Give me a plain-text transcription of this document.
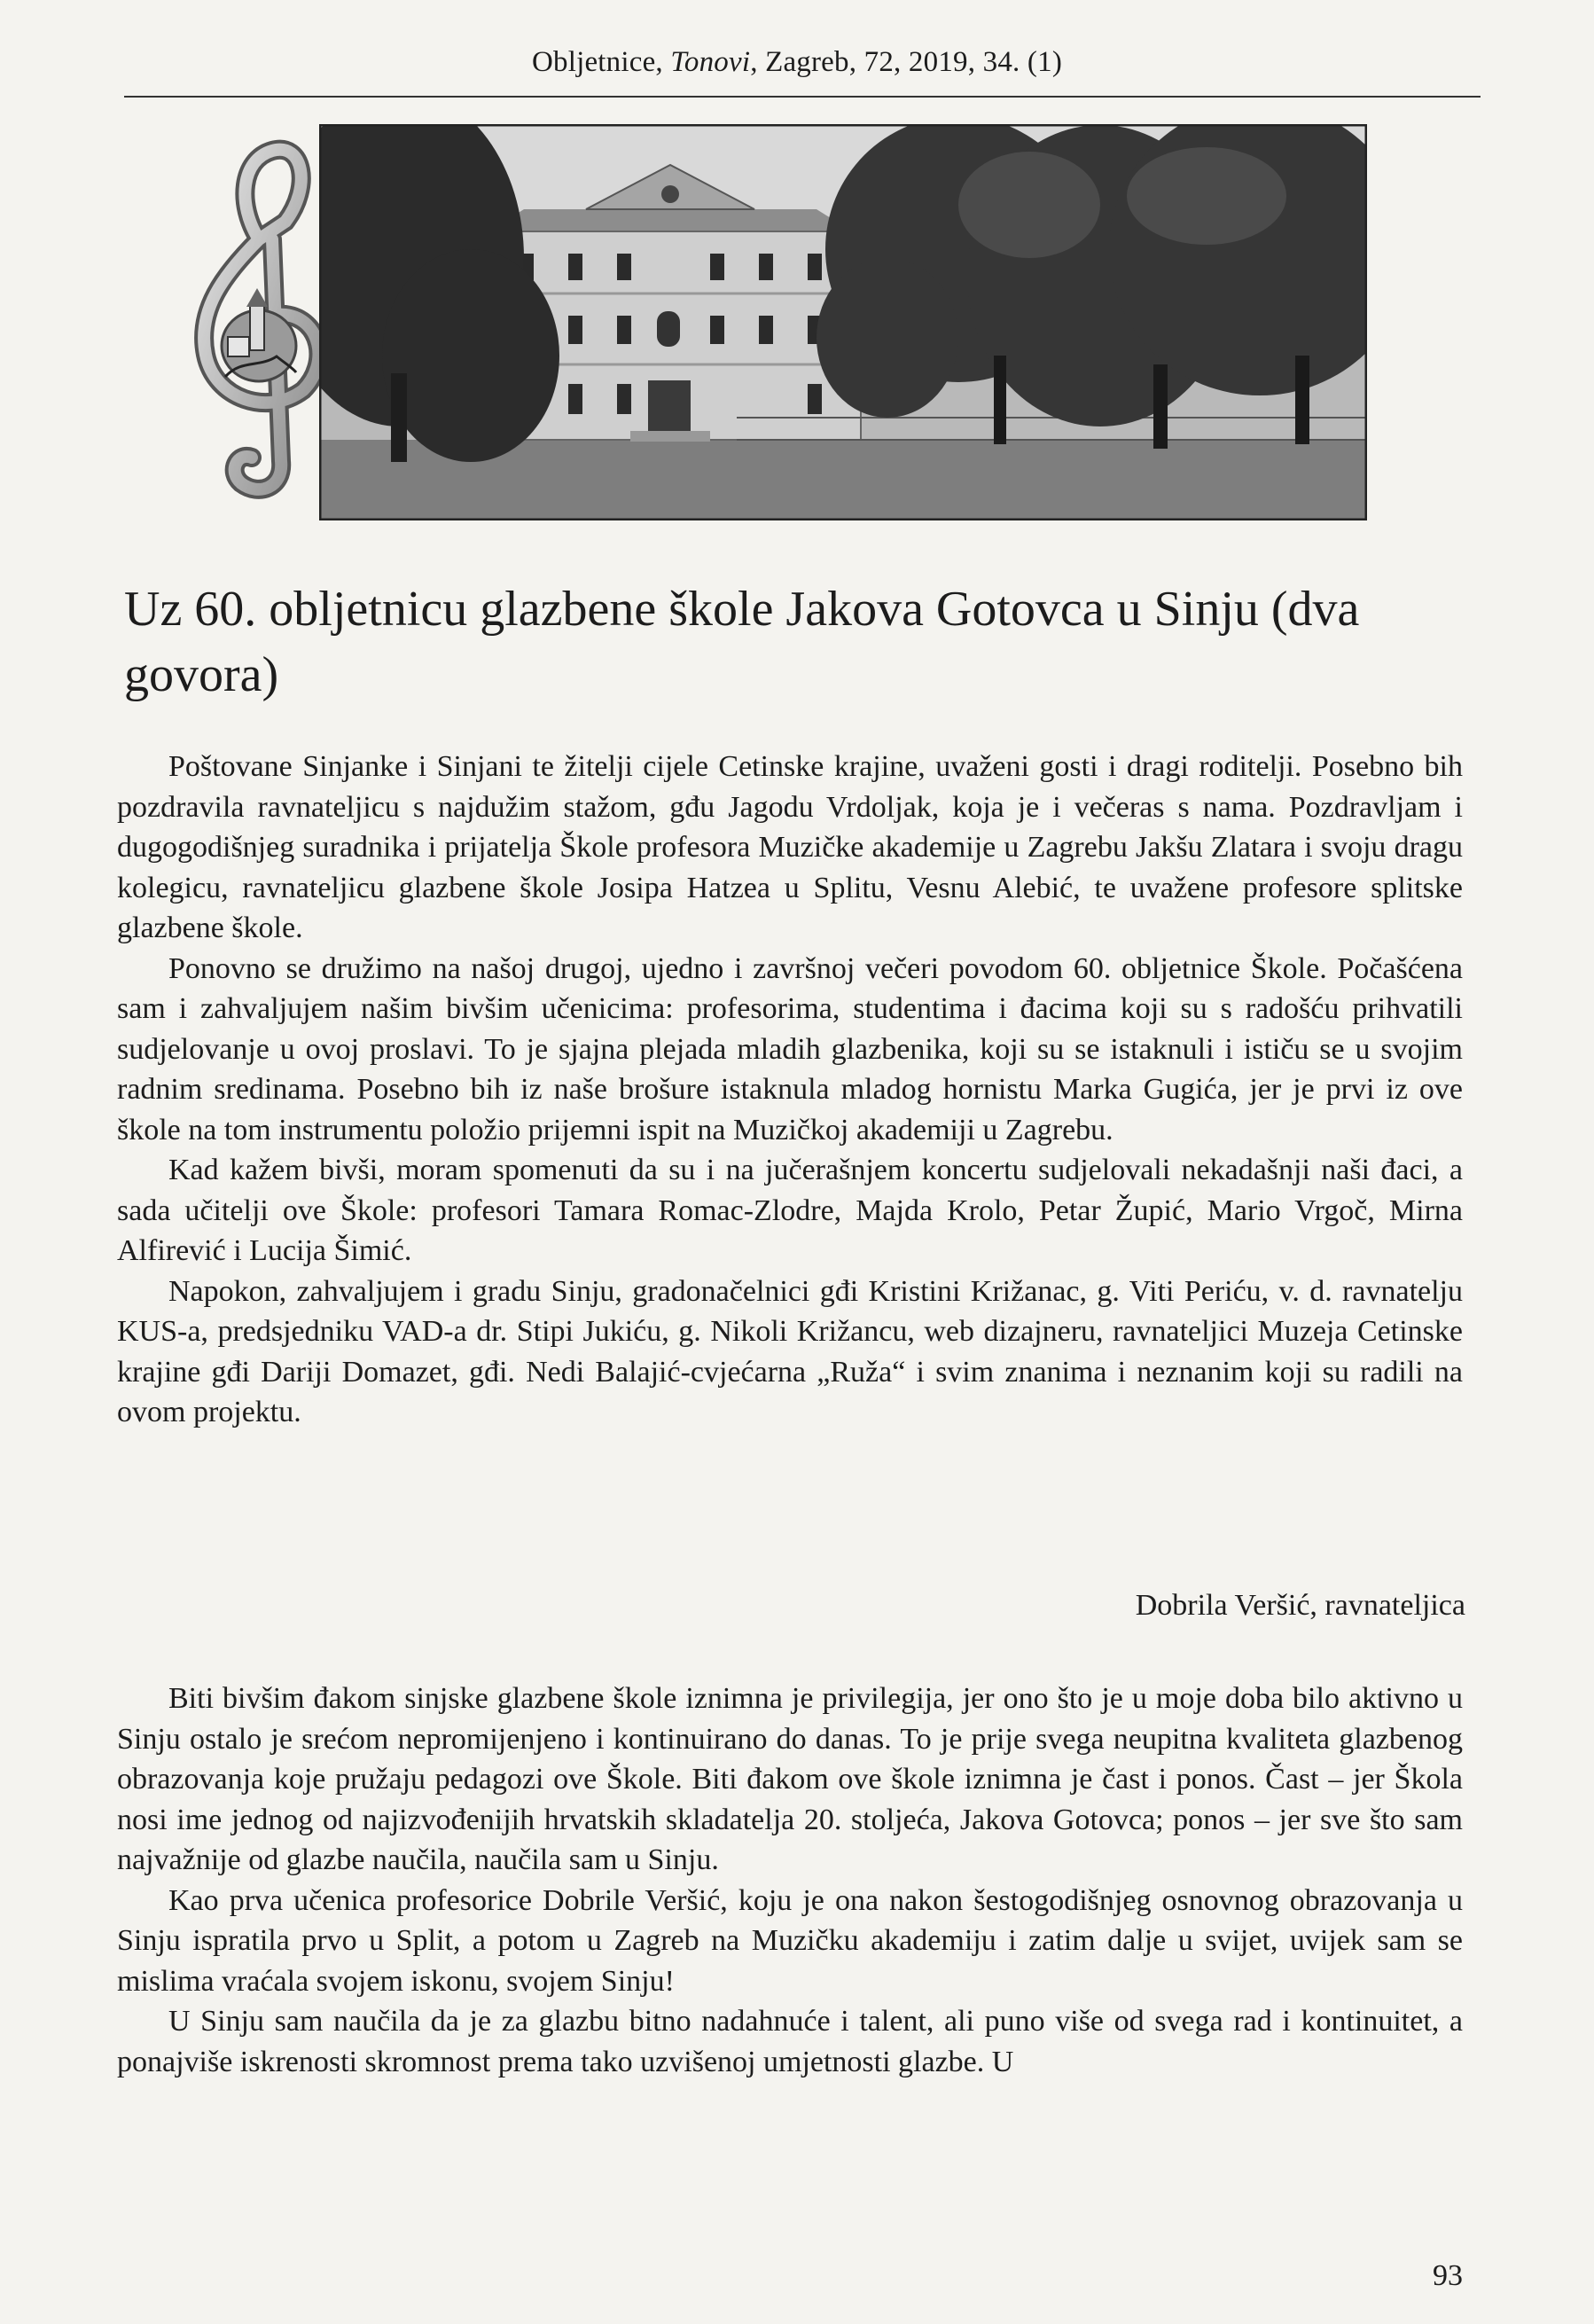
Obljetnice, Tonovi, Zagreb, 72, 2019, 34. (1)
Uz 60. obljetnicu glazbene škole Jakova Gotovca u Sinju (dva govora)

Poštovane Sinjanke i Sinjani te žitelji cijele Cetinske krajine, uvaženi gosti i dragi roditelji. Posebno bih pozdravila ravnateljicu s najdužim stažom, gđu Jagodu Vrdoljak, koja je i večeras s nama. Pozdravljam i dugogodišnjeg suradnika i prijatelja Škole profesora Muzičke akademije u Zagrebu Jakšu Zlatara i svoju dragu kolegicu, ravnateljicu glazbene škole Josipa Hatzea u Splitu, Vesnu Alebić, te uvažene profesore splitske glazbene škole.

Ponovno se družimo na našoj drugoj, ujedno i završnoj večeri povodom 60. obljetnice Škole. Počašćena sam i zahvaljujem našim bivšim učenicima: profesorima, studentima i đacima koji su s radošću prihvatili sudjelovanje u ovoj proslavi. To je sjajna plejada mladih glazbenika, koji su se istaknuli i ističu se u svojim radnim sredinama. Posebno bih iz naše brošure istaknula mladog hornistu Marka Gugića, jer je prvi iz ove škole na tom instrumentu položio prijemni ispit na Muzičkoj akademiji u Zagrebu.

Kad kažem bivši, moram spomenuti da su i na jučerašnjem koncertu sudjelovali nekadašnji naši đaci, a sada učitelji ove Škole: profesori Tamara Romac-Zlodre, Majda Krolo, Petar Župić, Mario Vrgoč, Mirna Alfirević i Lucija Šimić.

Napokon, zahvaljujem i gradu Sinju, gradonačelnici gđi Kristini Križanac, g. Viti Periću, v. d. ravnatelju KUS-a, predsjedniku VAD-a dr. Stipi Jukiću, g. Nikoli Križancu, web dizajneru, ravnateljici Muzeja Cetinske krajine gđi Dariji Domazet, gđi. Nedi Balajić-cvjećarna „Ruža“ i svim znanima i neznanim koji su radili na ovom projektu.

Dobrila Veršić, ravnateljica

Biti bivšim đakom sinjske glazbene škole iznimna je privilegija, jer ono što je u moje doba bilo aktivno u Sinju ostalo je srećom nepromijenjeno i kontinuirano do danas. To je prije svega neupitna kvaliteta glazbenog obrazovanja koje pružaju pedagozi ove Škole. Biti đakom ove škole iznimna je čast i ponos. Čast – jer Škola nosi ime jednog od najizvođenijih hrvatskih skladatelja 20. stoljeća, Jakova Gotovca; ponos – jer sve što sam najvažnije od glazbe naučila, naučila sam u Sinju.

Kao prva učenica profesorice Dobrile Veršić, koju je ona nakon šestogodišnjeg osnovnog obrazovanja u Sinju ispratila prvo u Split, a potom u Zagreb na Muzičku akademiju i zatim dalje u svijet, uvijek sam se mislima vraćala svojem iskonu, svojem Sinju!

U Sinju sam naučila da je za glazbu bitno nadahnuće i talent, ali puno više od svega rad i kontinuitet, a ponajviše iskrenosti skromnost prema tako uzvišenoj umjetnosti glazbe. U

93
